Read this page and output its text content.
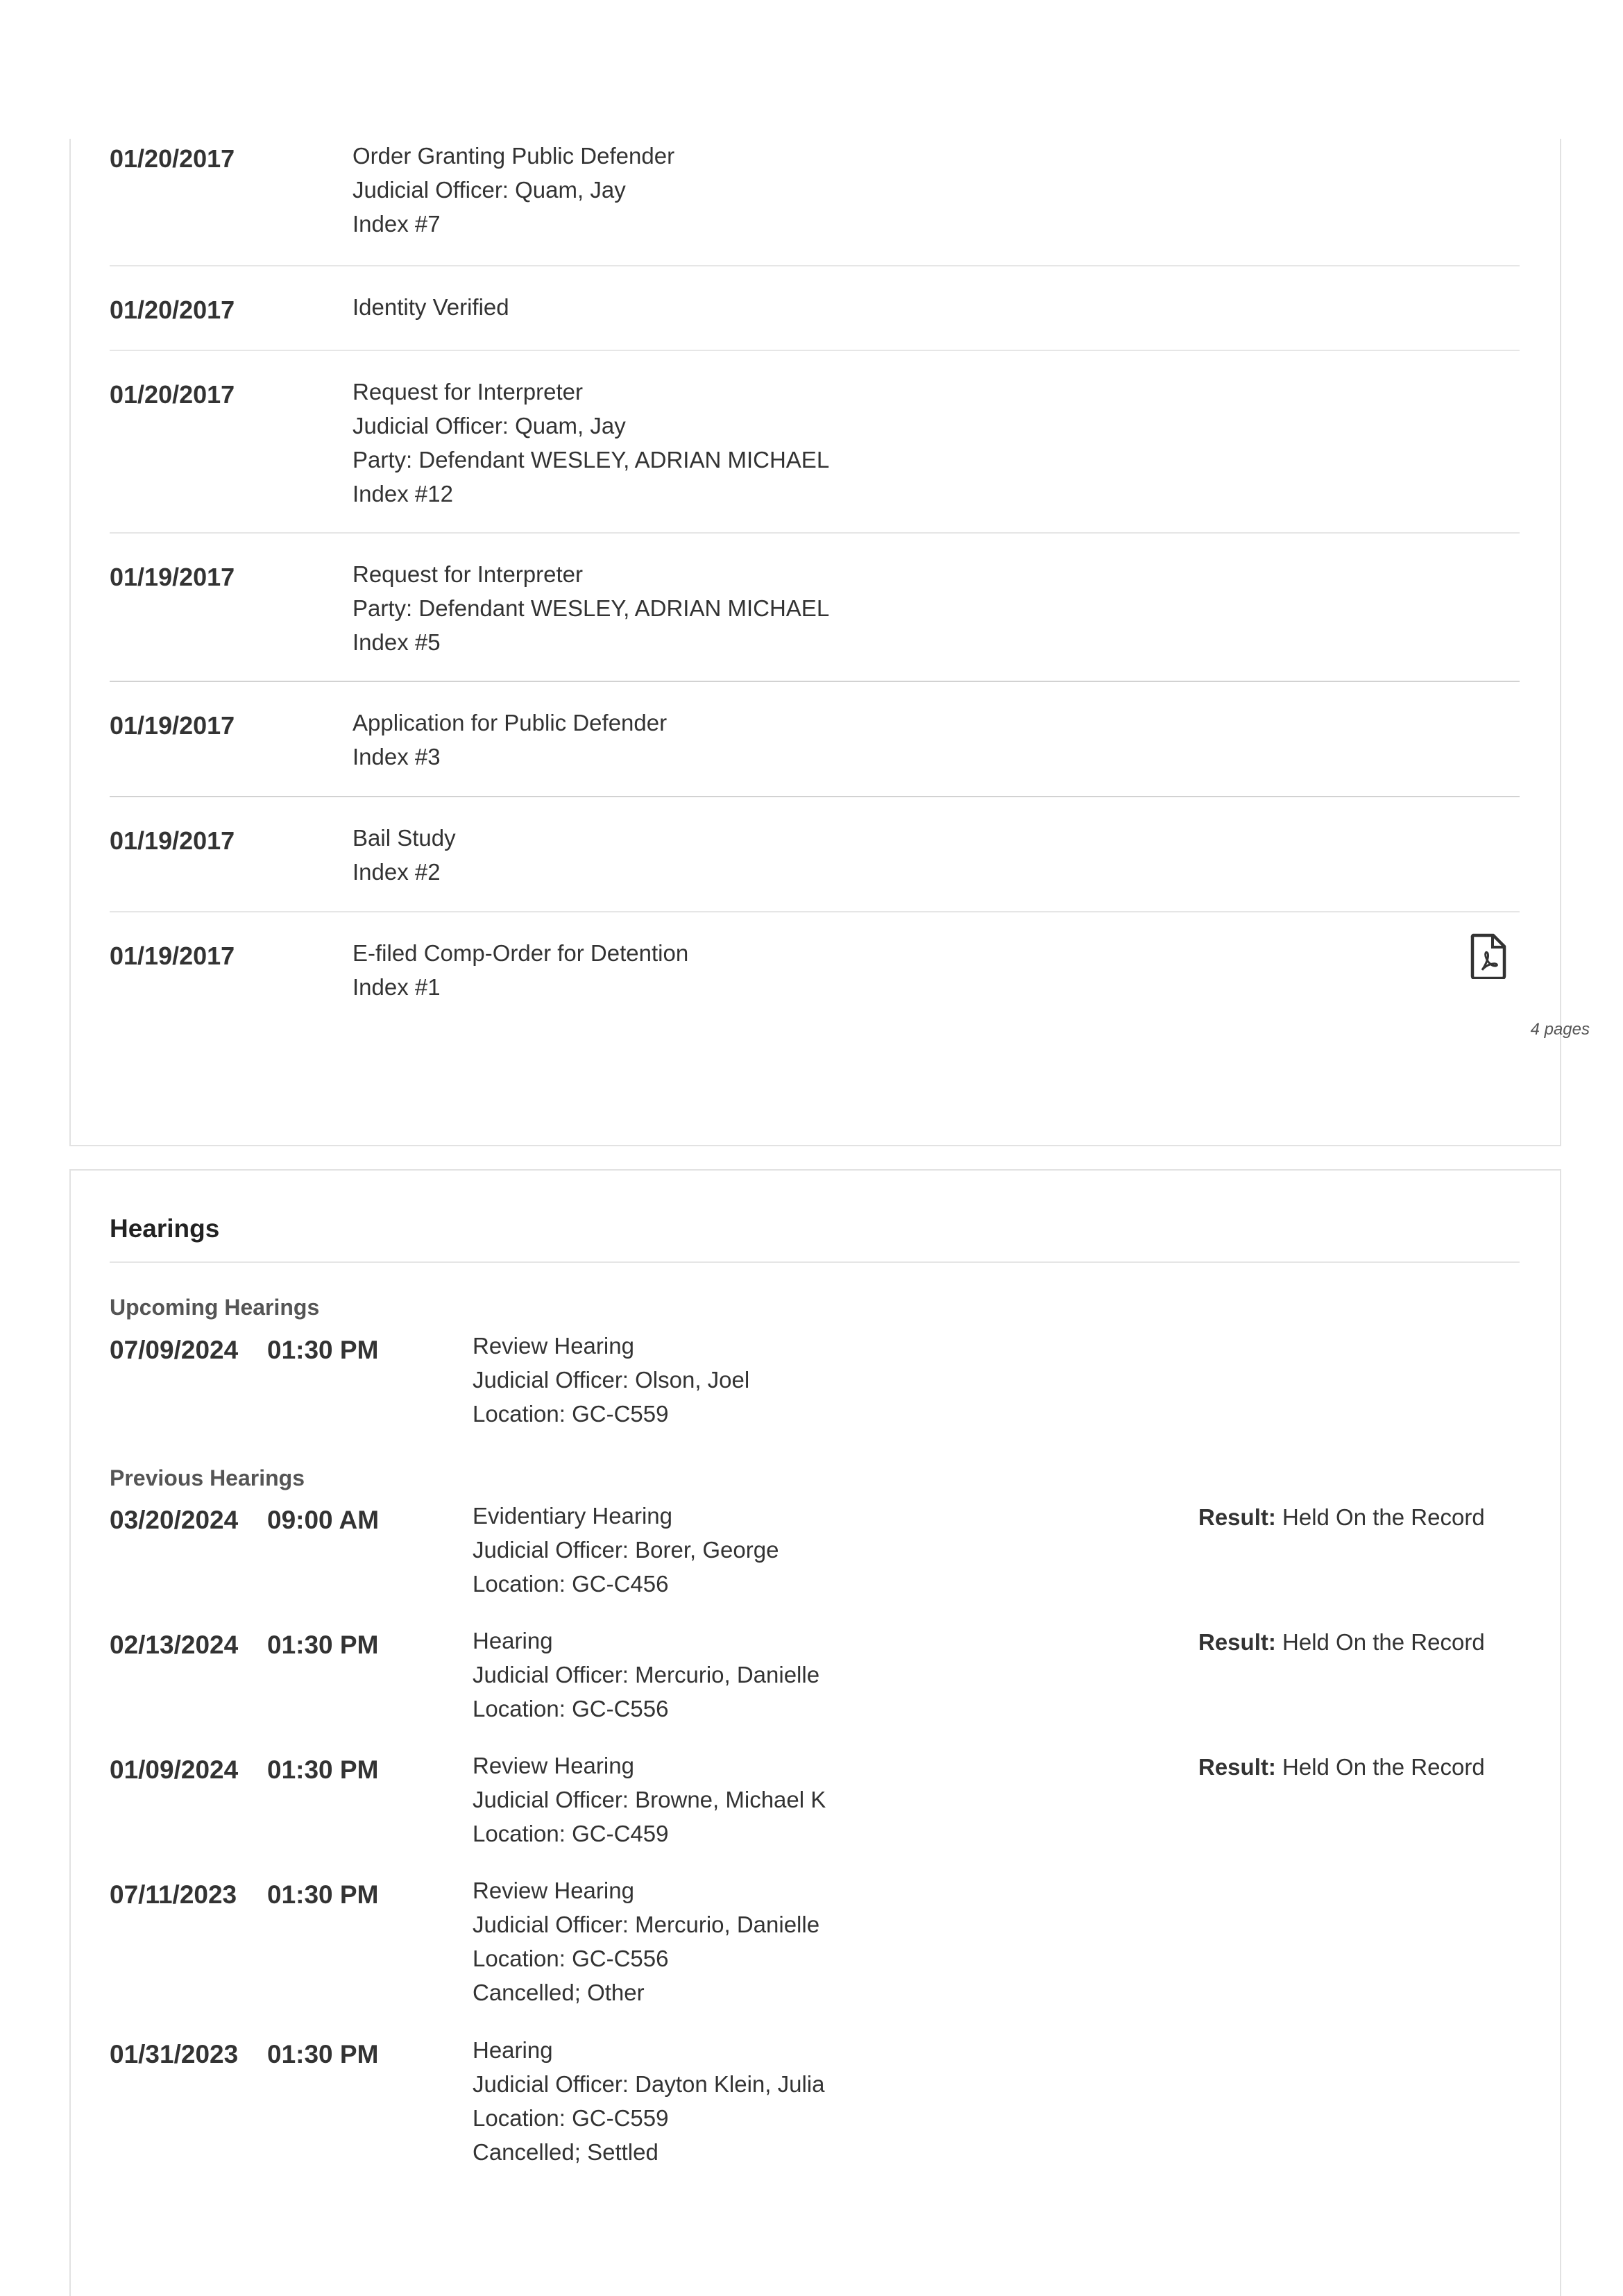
01/20/2017	Order Granting Public Defender
Judicial Officer: Quam, Jay
Index #7
01/20/2017	Identity Verified
01/20/2017	Request for Interpreter
Judicial Officer: Quam, Jay
Party: Defendant WESLEY, ADRIAN MICHAEL
Index #12
01/19/2017	Request for Interpreter
Party: Defendant WESLEY, ADRIAN MICHAEL
Index #5
01/19/2017	Application for Public Defender
Index #3
01/19/2017	Bail Study
Index #2
01/19/2017	E-filed Comp-Order for Detention
Index #1
4 pages
Hearings
Upcoming Hearings
Previous Hearings
07/09/2024 01:30 PM	Review Hearing
Judicial Officer: Olson, Joel
Location: GC-C559
03/20/2024 09:00 AM	Evidentiary Hearing
Judicial Officer: Borer, George
Location: GC-C456
Result: Held On the Record
02/13/2024 01:30 PM	Hearing
Judicial Officer: Mercurio, Danielle
Location: GC-C556
Result: Held On the Record
01/09/2024 01:30 PM	Review Hearing
Judicial Officer: Browne, Michael K
Location: GC-C459
Result: Held On the Record
07/11/2023 01:30 PM	Review Hearing
Judicial Officer: Mercurio, Danielle
Location: GC-C556
Cancelled; Other
01/31/2023 01:30 PM	Hearing
Judicial Officer: Dayton Klein, Julia
Location: GC-C559
Cancelled; Settled
